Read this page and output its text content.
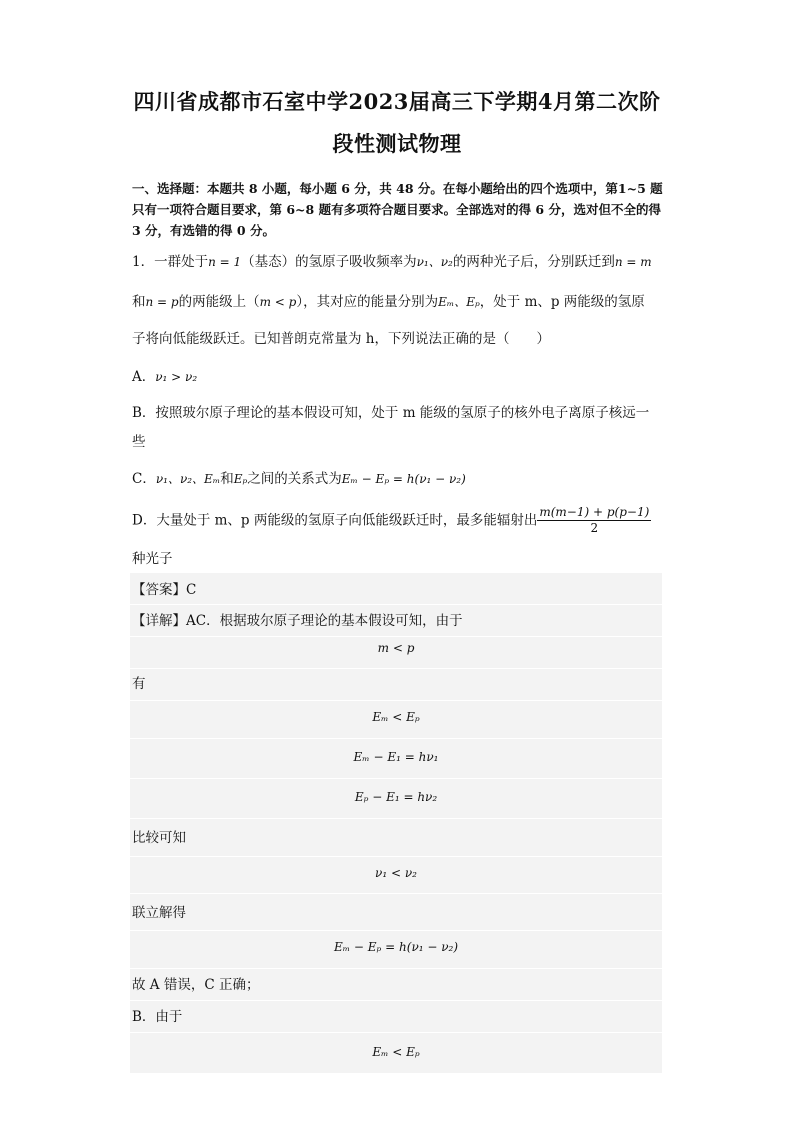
四川省成都市石室中学2023届高三下学期4月第二次阶
段性测试物理
一、选择题：本题共 8 小题，每小题 6 分，共 48 分。在每小题给出的四个选项中，第1~5 题只有一项符合题目要求，第 6~8 题有多项符合题目要求。全部选对的得 6 分，选对但不全的得 3 分，有选错的得 0 分。
1．一群处于n = 1（基态）的氢原子吸收频率为ν₁、ν₂的两种光子后，分别跃迁到n = m
和n = p的两能级上（m < p），其对应的能量分别为Eₘ、Eₚ，处于 m、p 两能级的氢原
子将向低能级跃迁。已知普朗克常量为 h，下列说法正确的是（　　）
A．ν₁ > ν₂
B．按照玻尔原子理论的基本假设可知，处于 m 能级的氢原子的核外电子离原子核远一
些
C．ν₁、ν₂、Eₘ和Eₚ之间的关系式为Eₘ − Eₚ = h(ν₁ − ν₂)
D．大量处于 m、p 两能级的氢原子向低能级跃迁时，最多能辐射出 $\frac{m(m-1) + p(p-1)}{2}$
种光子
【答案】C
【详解】AC．根据玻尔原子理论的基本假设可知，由于
m < p
有
Eₘ < Eₚ
Eₘ − E₁ = hν₁
Eₚ − E₁ = hν₂
比较可知
ν₁ < ν₂
联立解得
Eₘ − Eₚ = h(ν₁ − ν₂)
故 A 错误，C 正确；
B．由于
Eₘ < Eₚ
